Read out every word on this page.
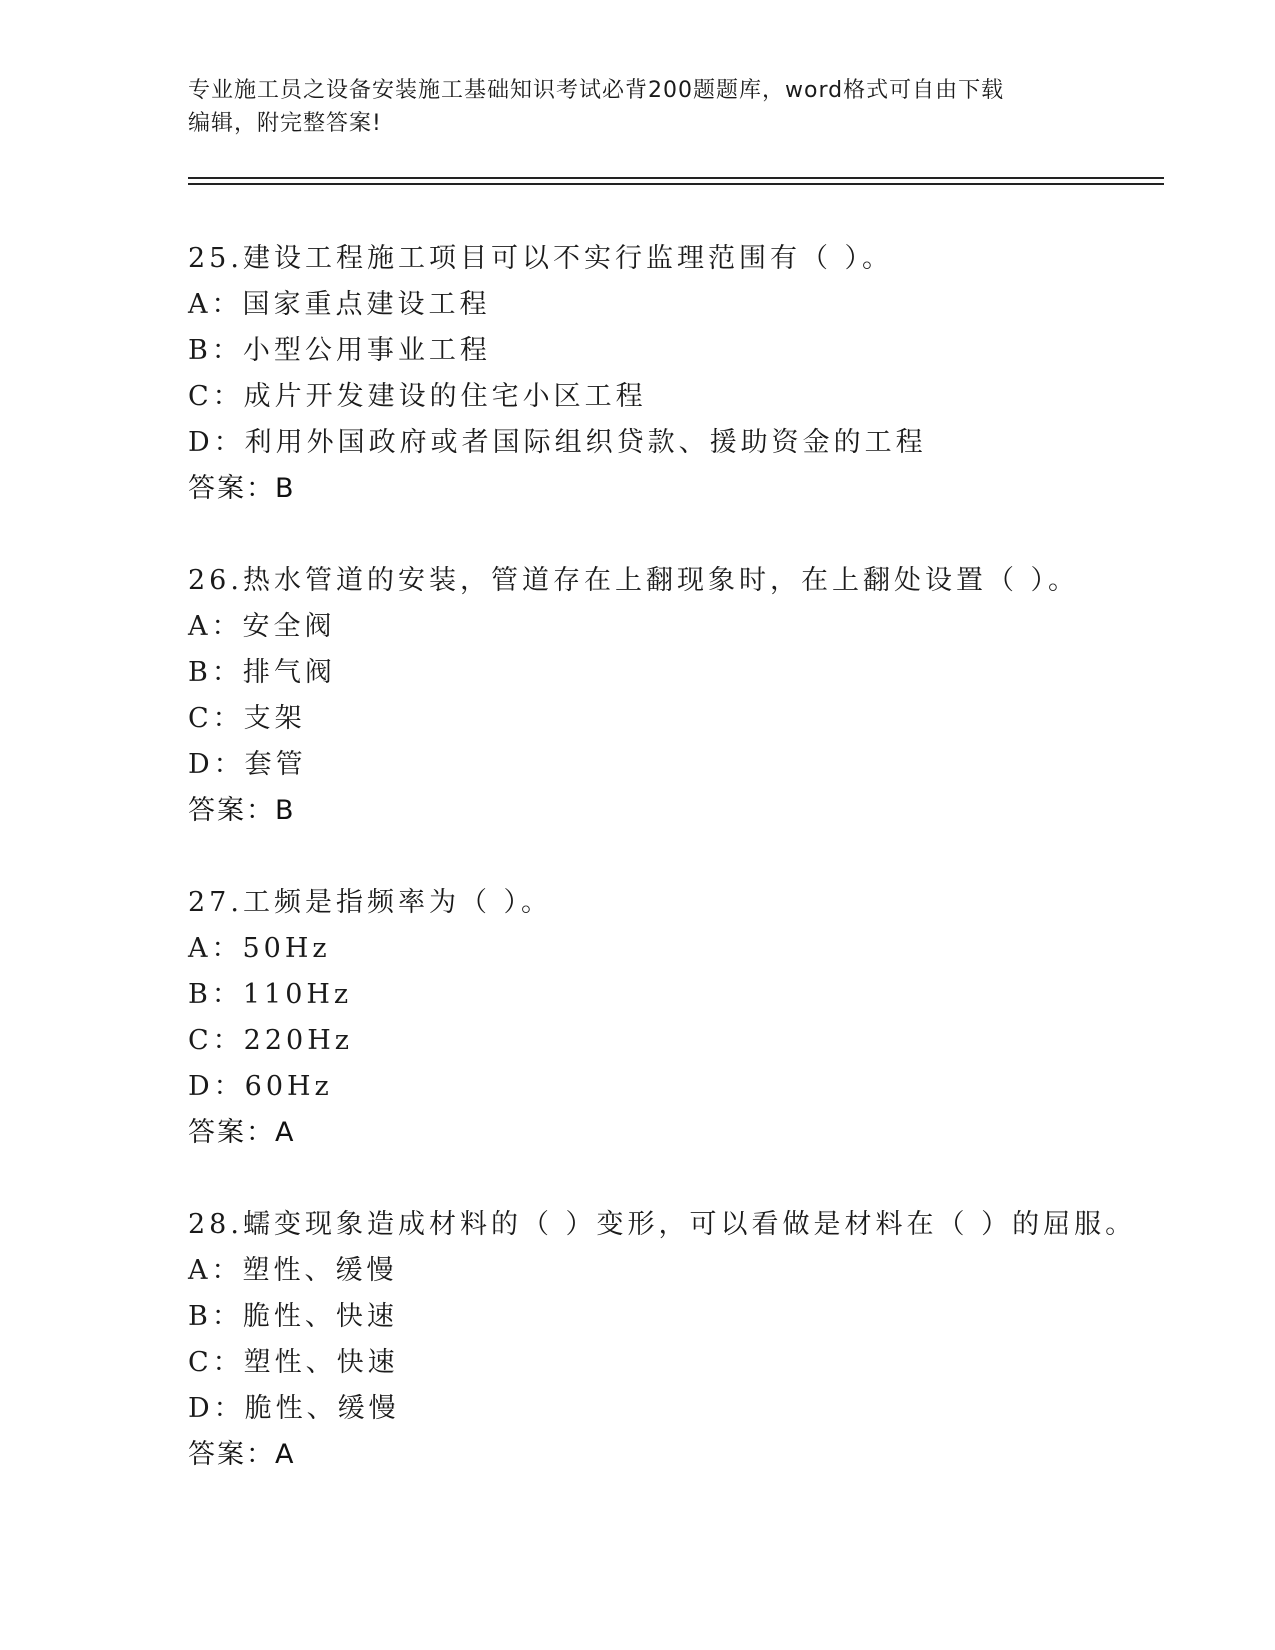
专业施工员之设备安装施工基础知识考试必背200题题库，word格式可自由下载
编辑，附完整答案!
25.建设工程施工项目可以不实行监理范围有（ ）。
A：国家重点建设工程
B：小型公用事业工程
C：成片开发建设的住宅小区工程
D：利用外国政府或者国际组织贷款、援助资金的工程
答案：B
26.热水管道的安装，管道存在上翻现象时，在上翻处设置（ ）。
A：安全阀
B：排气阀
C：支架
D：套管
答案：B
27.工频是指频率为（ ）。
A：50Hz
B：110Hz
C：220Hz
D：60Hz
答案：A
28.蠕变现象造成材料的（ ）变形，可以看做是材料在（ ）的屈服。
A：塑性、缓慢
B：脆性、快速
C：塑性、快速
D：脆性、缓慢
答案：A
